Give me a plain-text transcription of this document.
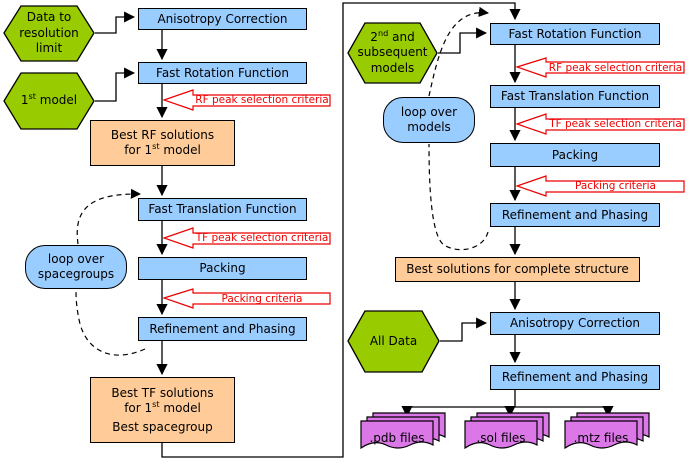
Data to
resolution
limit
Anisotropy Correction
1st model
Fast Rotation Function
RF peak selection criteria
Best RF solutions
for 1st model
Fast Translation Function
TF peak selection criteria
Packing
Packing criteria
Refinement and Phasing
Best TF solutions
for 1st model
Best spacegroup
loop over
spacegroups
2nd and
subsequent
models
loop over
models
Fast Rotation Function
RF peak selection criteria
Fast Translation Function
TF peak selection criteria
Packing
Packing criteria
Refinement and Phasing
Best solutions for complete structure
All Data
Anisotropy Correction
Refinement and Phasing
.pdb files	.sol files	.mtz files
